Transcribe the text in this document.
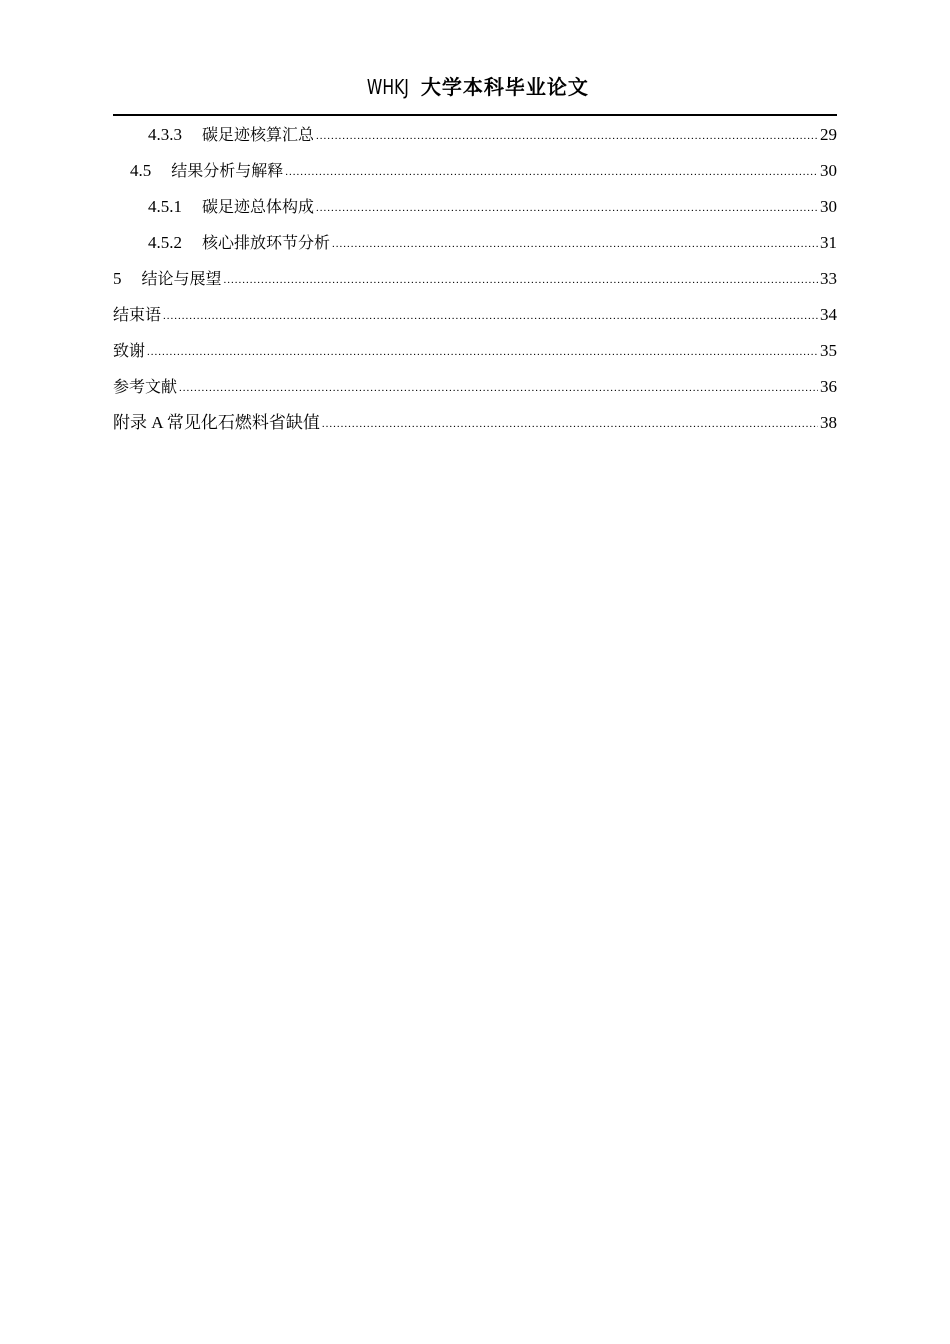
WHKJ 大学本科毕业论文
4.3.3 碳足迹核算汇总 .....	29
4.5 结果分析与解释 .....	30
4.5.1 碳足迹总体构成 .....	30
4.5.2 核心排放环节分析 .....	31
5 结论与展望 .....	33
结束语 .....	34
致谢 .....	35
参考文献 .....	36
附录 A 常见化石燃料省缺值 .....	38
